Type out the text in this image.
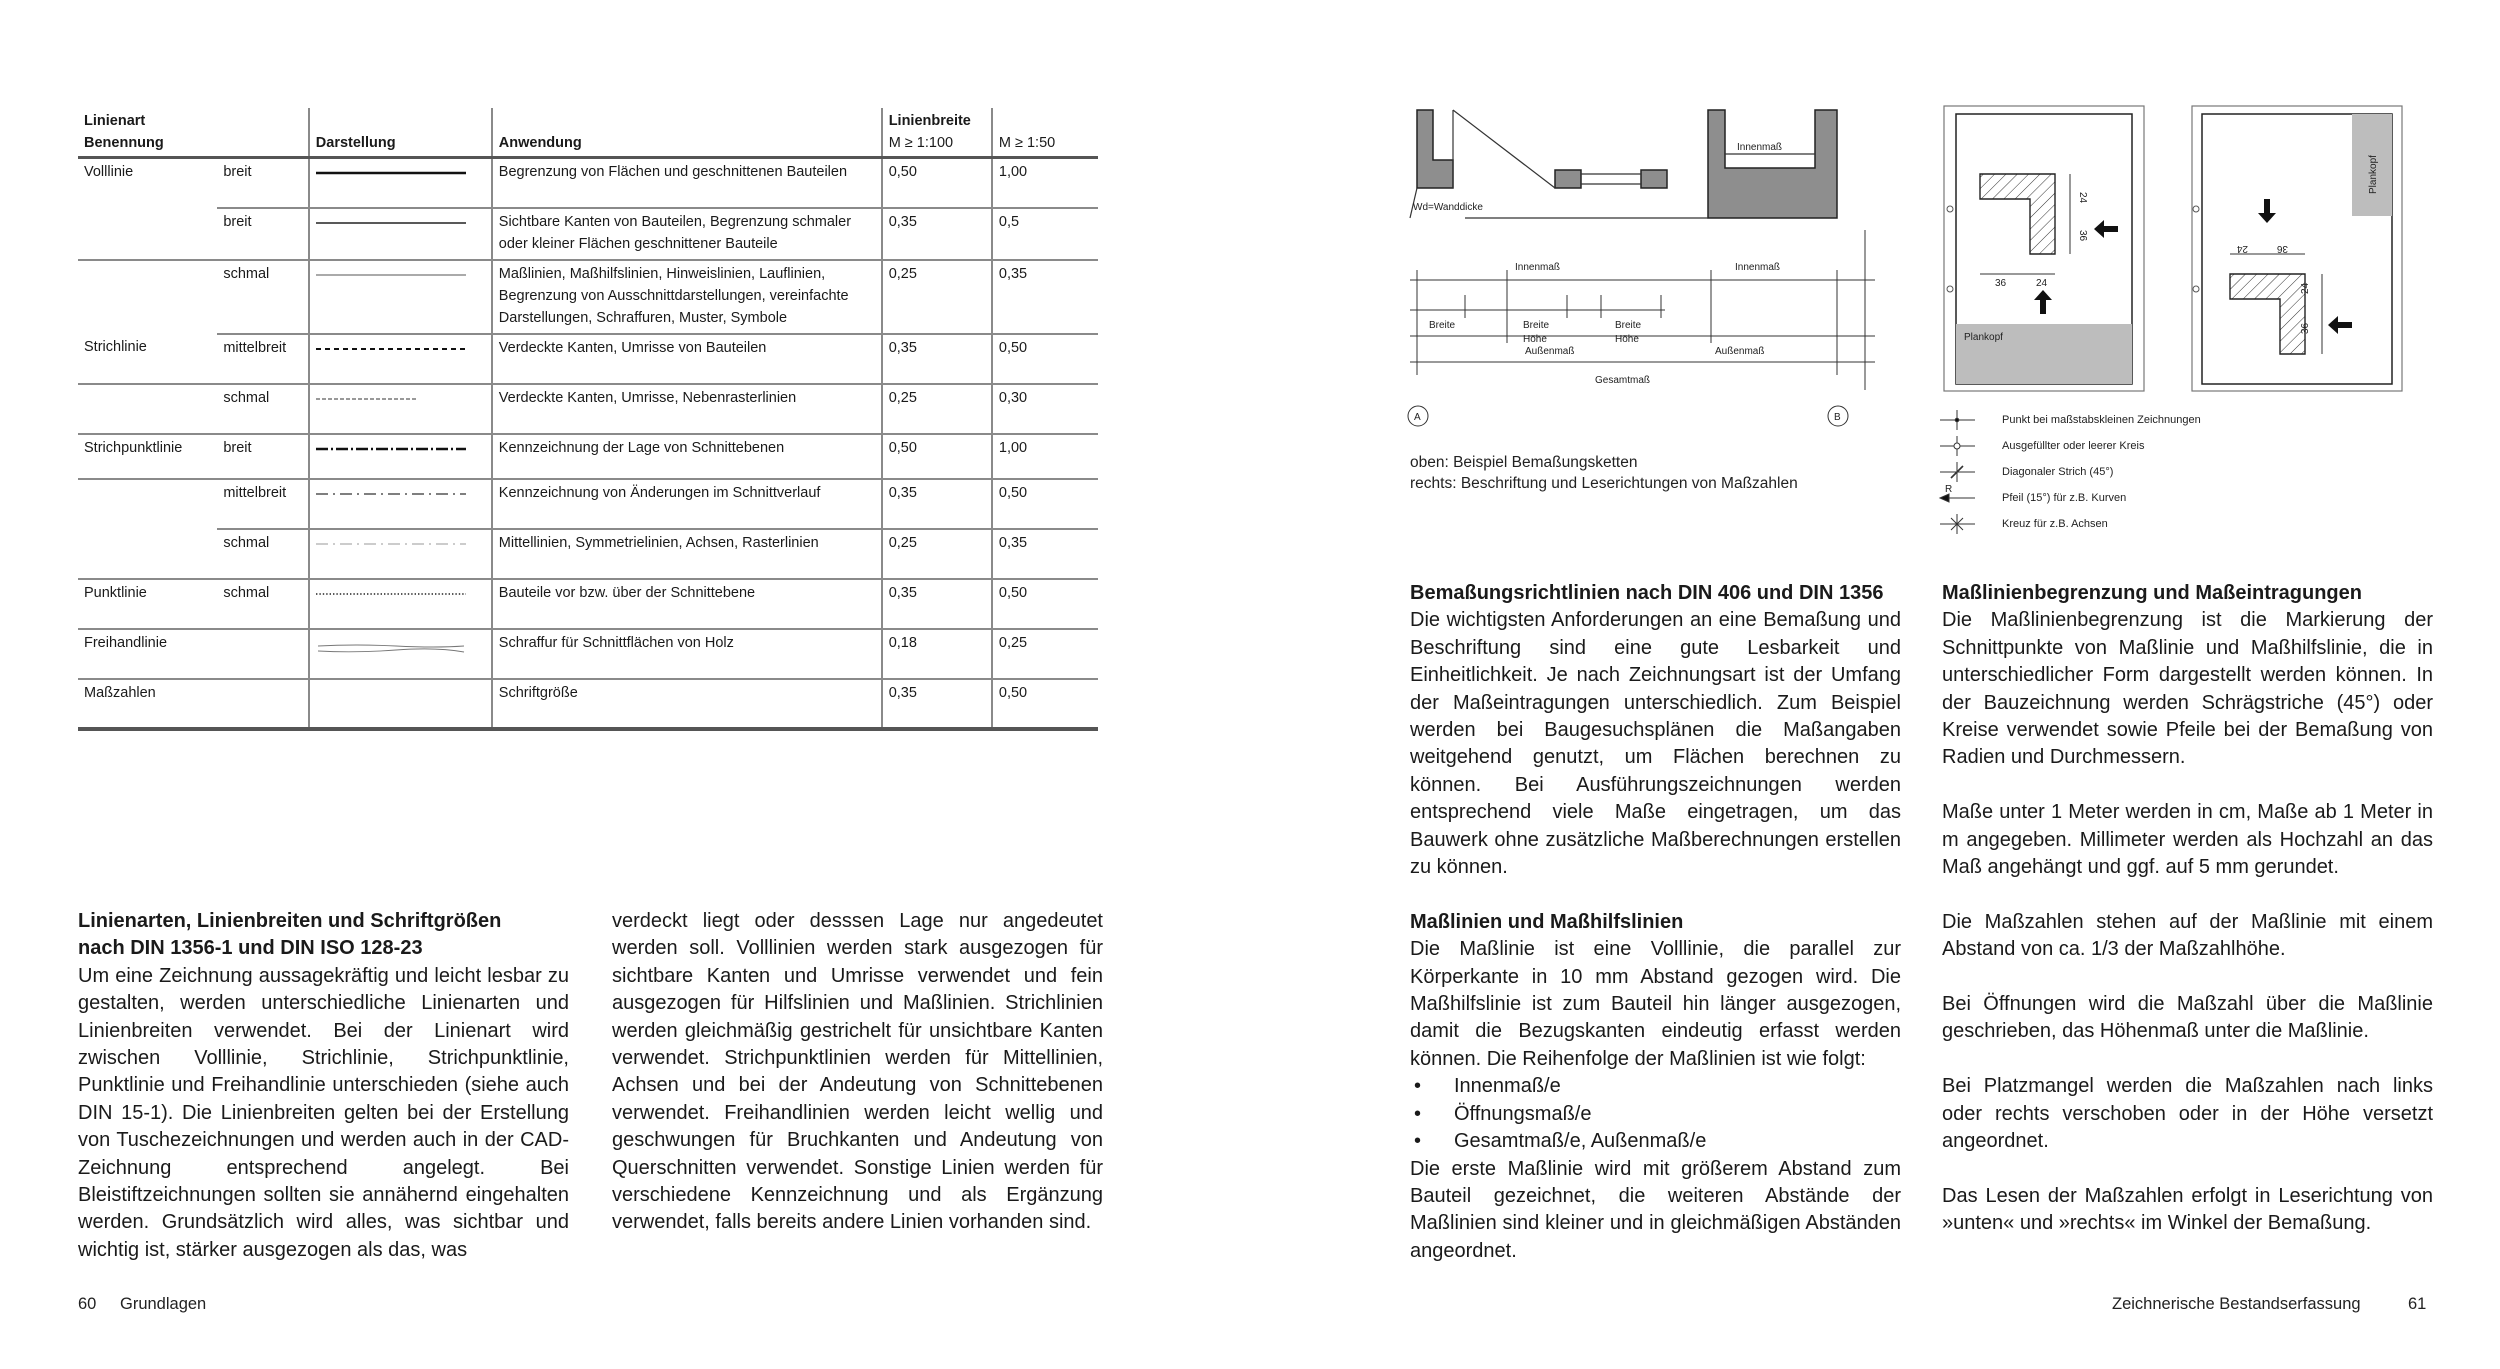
Linienart
Benennung		Darstellung	Anwendung	Linienbreite
M ≥ 1:100	M ≥ 1:50
Volllinie	breit		Begrenzung von Flächen und geschnittenen Bauteilen	0,50	1,00
	breit		Sichtbare Kanten von Bauteilen, Begrenzung schmaler oder kleiner Flächen geschnittener Bauteile	0,35	0,5
	schmal		Maßlinien, Maßhilfslinien, Hinweislinien, Lauflinien, Begrenzung von Ausschnittdarstellungen, vereinfachte Darstellungen, Schraffuren, Muster, Symbole	0,25	0,35
Strichlinie	mittelbreit		Verdeckte Kanten, Umrisse von Bauteilen	0,35	0,50
	schmal		Verdeckte Kanten, Umrisse, Nebenrasterlinien	0,25	0,30
Strichpunktlinie	breit		Kennzeichnung der Lage von Schnittebenen	0,50	1,00
	mittelbreit		Kennzeichnung von Änderungen im Schnittverlauf	0,35	0,50
	schmal		Mittellinien, Symmetrielinien, Achsen, Rasterlinien	0,25	0,35
Punktlinie	schmal		Bauteile vor bzw. über der Schnittebene	0,35	0,50
Freihandlinie			Schraffur für Schnittflächen von Holz	0,18	0,25
Maßzahlen			Schriftgröße	0,35	0,50

Linienarten, Linienbreiten und Schriftgrößen

nach DIN 1356-1 und DIN ISO 128-23

Um eine Zeichnung aussagekräftig und leicht lesbar zu gestalten, werden unterschiedliche Linienarten und Linienbreiten verwendet. Bei der Linienart wird zwischen Volllinie, Strichlinie, Strichpunktlinie, Punktlinie und Freihandlinie unterschieden (siehe auch DIN 15-1). Die Linienbreiten gelten bei der Erstellung von Tuschezeichnungen und werden auch in der CAD-Zeichnung entsprechend angelegt. Bei Bleistiftzeichnungen sollten sie annähernd eingehalten werden. Grundsätzlich wird alles, was sichtbar und wichtig ist, stärker ausgezogen als das, was

verdeckt liegt oder desssen Lage nur angedeutet werden soll. Volllinien werden stark ausgezogen für sichtbare Kanten und Umrisse verwendet und fein ausgezogen für Hilfslinien und Maßlinien. Strichlinien werden gleichmäßig gestrichelt für unsichtbare Kanten verwendet. Strichpunktlinien werden für Mittellinien, Achsen und bei der Andeutung von Schnittebenen verwendet. Freihandlinien werden leicht wellig und geschwungen für Bruchkanten und Andeutung von Querschnitten verwendet. Sonstige Linien werden für verschiedene Kennzeichnung und als Ergänzung verwendet, falls bereits andere Linien vorhanden sind.

Innenmaß
Wd=Wanddicke
Innenmaß	Innenmaß
Breite	Breite
Höhe
Breite
Höhe
Außenmaß	Außenmaß
Gesamtmaß
A	B
oben: Beispiel Bemaßungsketten
rechts: Beschriftung und Leserichtungen von Maßzahlen
Plankopf
36	24
24
36
Plankopf
24	36
24
36
R
Punkt bei maßstabskleinen Zeichnungen
Ausgefüllter oder leerer Kreis
Diagonaler Strich (45°)
Pfeil (15°) für z.B. Kurven
Kreuz für z.B. Achsen

Bemaßungsrichtlinien nach DIN 406 und DIN 1356

Die wichtigsten Anforderungen an eine Bemaßung und Beschriftung sind eine gute Lesbarkeit und Einheitlichkeit. Je nach Zeichnungsart ist der Umfang der Maßeintragungen unterschiedlich. Zum Beispiel werden bei Baugesuchsplänen die Maßangaben weitgehend genutzt, um Flächen berechnen zu können. Bei Ausführungszeichnungen werden entsprechend viele Maße eingetragen, um das Bauwerk ohne zusätzliche Maßberechnungen erstellen zu können.

Maßlinien und Maßhilfslinien

Die Maßlinie ist eine Volllinie, die parallel zur Körperkante in 10 mm Abstand gezogen wird. Die Maßhilfslinie ist zum Bauteil hin länger ausgezogen, damit die Bezugskanten eindeutig erfasst werden können. Die Reihenfolge der Maßlinien ist wie folgt:

•	Innenmaß/e

•	Öffnungsmaß/e

•	Gesamtmaß/e, Außenmaß/e

Die erste Maßlinie wird mit größerem Abstand zum Bauteil gezeichnet, die weiteren Abstände der Maßlinien sind kleiner und in gleichmäßigen Abständen angeordnet.

Maßlinienbegrenzung und Maßeintragungen

Die Maßlinienbegrenzung ist die Markierung der Schnittpunkte von Maßlinie und Maßhilfslinie, die in unterschiedlicher Form dargestellt werden können. In der Bauzeichnung werden Schrägstriche (45°) oder Kreise verwendet sowie Pfeile bei der Bemaßung von Radien und Durchmessern.

Maße unter 1 Meter werden in cm, Maße ab 1 Meter in m angegeben. Millimeter werden als Hochzahl an das Maß angehängt und ggf. auf 5 mm gerundet.

Die Maßzahlen stehen auf der Maßlinie mit einem Abstand von ca. 1/3 der Maßzahlhöhe.

Bei Öffnungen wird die Maßzahl über die Maßlinie geschrieben, das Höhenmaß unter die Maßlinie.

Bei Platzmangel werden die Maßzahlen nach links oder rechts verschoben oder in der Höhe versetzt angeordnet.

Das Lesen der Maßzahlen erfolgt in Leserichtung von »unten« und »rechts« im Winkel der Bemaßung.

60 Grundlagen	Zeichnerische Bestandserfassung	61
